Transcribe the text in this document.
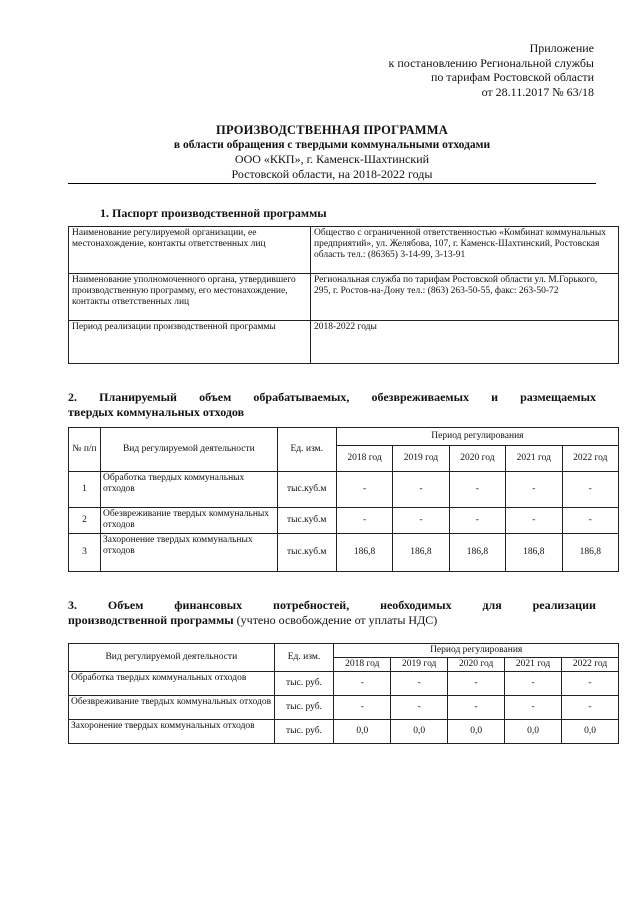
Приложение
к постановлению Региональной службы
по тарифам Ростовской области
от 28.11.2017 № 63/18
ПРОИЗВОДСТВЕННАЯ ПРОГРАММА
в области обращения с твердыми коммунальными отходами
ООО «ККП», г. Каменск-Шахтинский
Ростовской области, на 2018-2022 годы
1. Паспорт производственной программы
Наименование регулируемой организации, ее местонахождение, контакты ответственных лиц	Общество с ограниченной ответственностью «Комбинат коммунальных предприятий», ул. Желябова, 107, г. Каменск-Шахтинский, Ростовская область тел.: (86365) 3-14-99, 3-13-91
Наименование уполномоченного органа, утвердившего производственную программу, его местонахождение, контакты ответственных лиц	Региональная служба по тарифам Ростовской области ул. М.Горького, 295, г. Ростов-на-Дону тел.: (863) 263-50-55, факс: 263-50-72
Период реализации производственной программы	2018-2022 годы
2. Планируемый объем обрабатываемых, обезвреживаемых и размещаемых
твердых коммунальных отходов
№ п/п	Вид регулируемой деятельности	Ед. изм.	Период регулирования				
			2018 год	2019 год	2020 год	2021 год	2022 год
1	Обработка твердых коммунальных отходов	тыс.куб.м	-	-	-	-	-
2	Обезвреживание твердых коммунальных отходов	тыс.куб.м	-	-	-	-	-
3	Захоронение твердых коммунальных отходов	тыс.куб.м	186,8	186,8	186,8	186,8	186,8
3.	Объем	финансовых	потребностей,	необходимых	для	реализации
производственной программы (учтено освобождение от уплаты НДС)
Вид регулируемой деятельности	Ед. изм.	Период регулирования				
		2018 год	2019 год	2020 год	2021 год	2022 год
Обработка твердых коммунальных отходов	тыс. руб.	-	-	-	-	-
Обезвреживание твердых коммунальных отходов	тыс. руб.	-	-	-	-	-
Захоронение твердых коммунальных отходов	тыс. руб.	0,0	0,0	0,0	0,0	0,0
